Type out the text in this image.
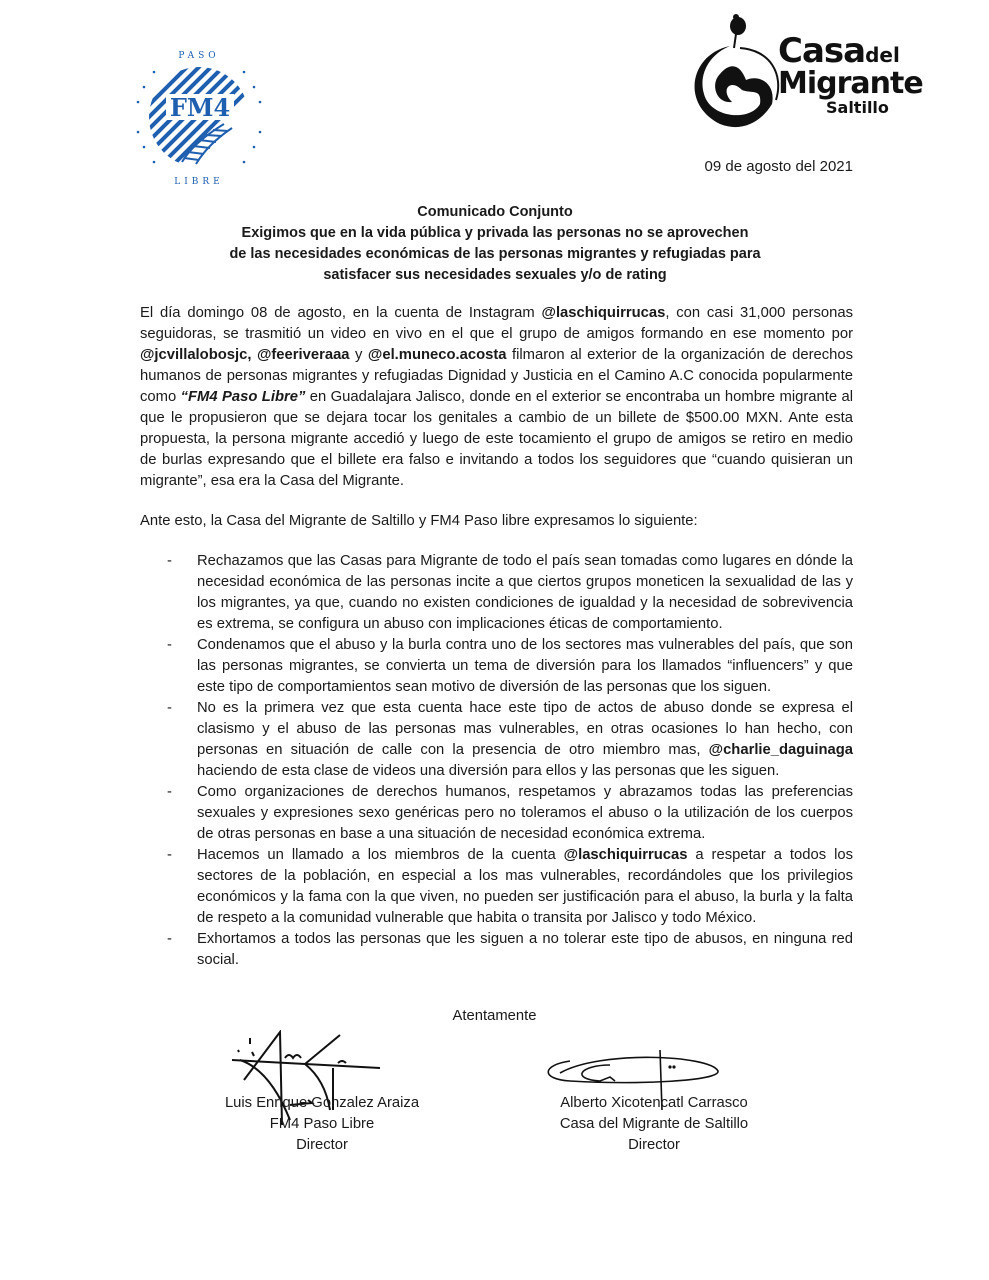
FM4
PASO
LIBRE
Casadel
Migrante
Saltillo
09 de agosto del 2021
Comunicado Conjunto
Exigimos que en la vida pública y privada las personas no se aprovechen
de las necesidades económicas de las personas migrantes y refugiadas para
satisfacer sus necesidades sexuales y/o de rating
El día domingo 08 de agosto, en la cuenta de Instagram @laschiquirrucas, con casi 31,000 personas seguidoras, se trasmitió un video en vivo en el que el grupo de amigos formando en ese momento por @jcvillalobosjc, @feeriveraaa y @el.muneco.acosta filmaron al exterior de la organización de derechos humanos de personas migrantes y refugiadas Dignidad y Justicia en el Camino A.C conocida popularmente como “FM4 Paso Libre” en Guadalajara Jalisco, donde en el exterior se encontraba un hombre migrante al que le propusieron que se dejara tocar los genitales a cambio de un billete de $500.00 MXN. Ante esta propuesta, la persona migrante accedió y luego de este tocamiento el grupo de amigos se retiro en medio de burlas expresando que el billete era falso e invitando a todos los seguidores que “cuando quisieran un migrante”, esa era la Casa del Migrante.
Ante esto, la Casa del Migrante de Saltillo y FM4 Paso libre expresamos lo siguiente:
- Rechazamos que las Casas para Migrante de todo el país sean tomadas como lugares en dónde la necesidad económica de las personas incite a que ciertos grupos moneticen la sexualidad de las y los migrantes, ya que, cuando no existen condiciones de igualdad y la necesidad de sobrevivencia es extrema, se configura un abuso con implicaciones éticas de comportamiento.
- Condenamos que el abuso y la burla contra uno de los sectores mas vulnerables del país, que son las personas migrantes, se convierta un tema de diversión para los llamados “influencers” y que este tipo de comportamientos sean motivo de diversión de las personas que los siguen.
- No es la primera vez que esta cuenta hace este tipo de actos de abuso donde se expresa el clasismo y el abuso de las personas mas vulnerables, en otras ocasiones lo han hecho, con personas en situación de calle con la presencia de otro miembro mas, @charlie_daguinaga haciendo de esta clase de videos una diversión para ellos y las personas que les siguen.
- Como organizaciones de derechos humanos, respetamos y abrazamos todas las preferencias sexuales y expresiones sexo genéricas pero no toleramos el abuso o la utilización de los cuerpos de otras personas en base a una situación de necesidad económica extrema.
- Hacemos un llamado a los miembros de la cuenta @laschiquirrucas a respetar a todos los sectores de la población, en especial a los mas vulnerables, recordándoles que los privilegios económicos y la fama con la que viven, no pueden ser justificación para el abuso, la burla y la falta de respeto a la comunidad vulnerable que habita o transita por Jalisco y todo México.
- Exhortamos a todos las personas que les siguen a no tolerar este tipo de abusos, en ninguna red social.
Atentamente
Luis Enrique Gonzalez Araiza
FM4 Paso Libre
Director
Alberto Xicotencatl Carrasco
Casa del Migrante de Saltillo
Director
